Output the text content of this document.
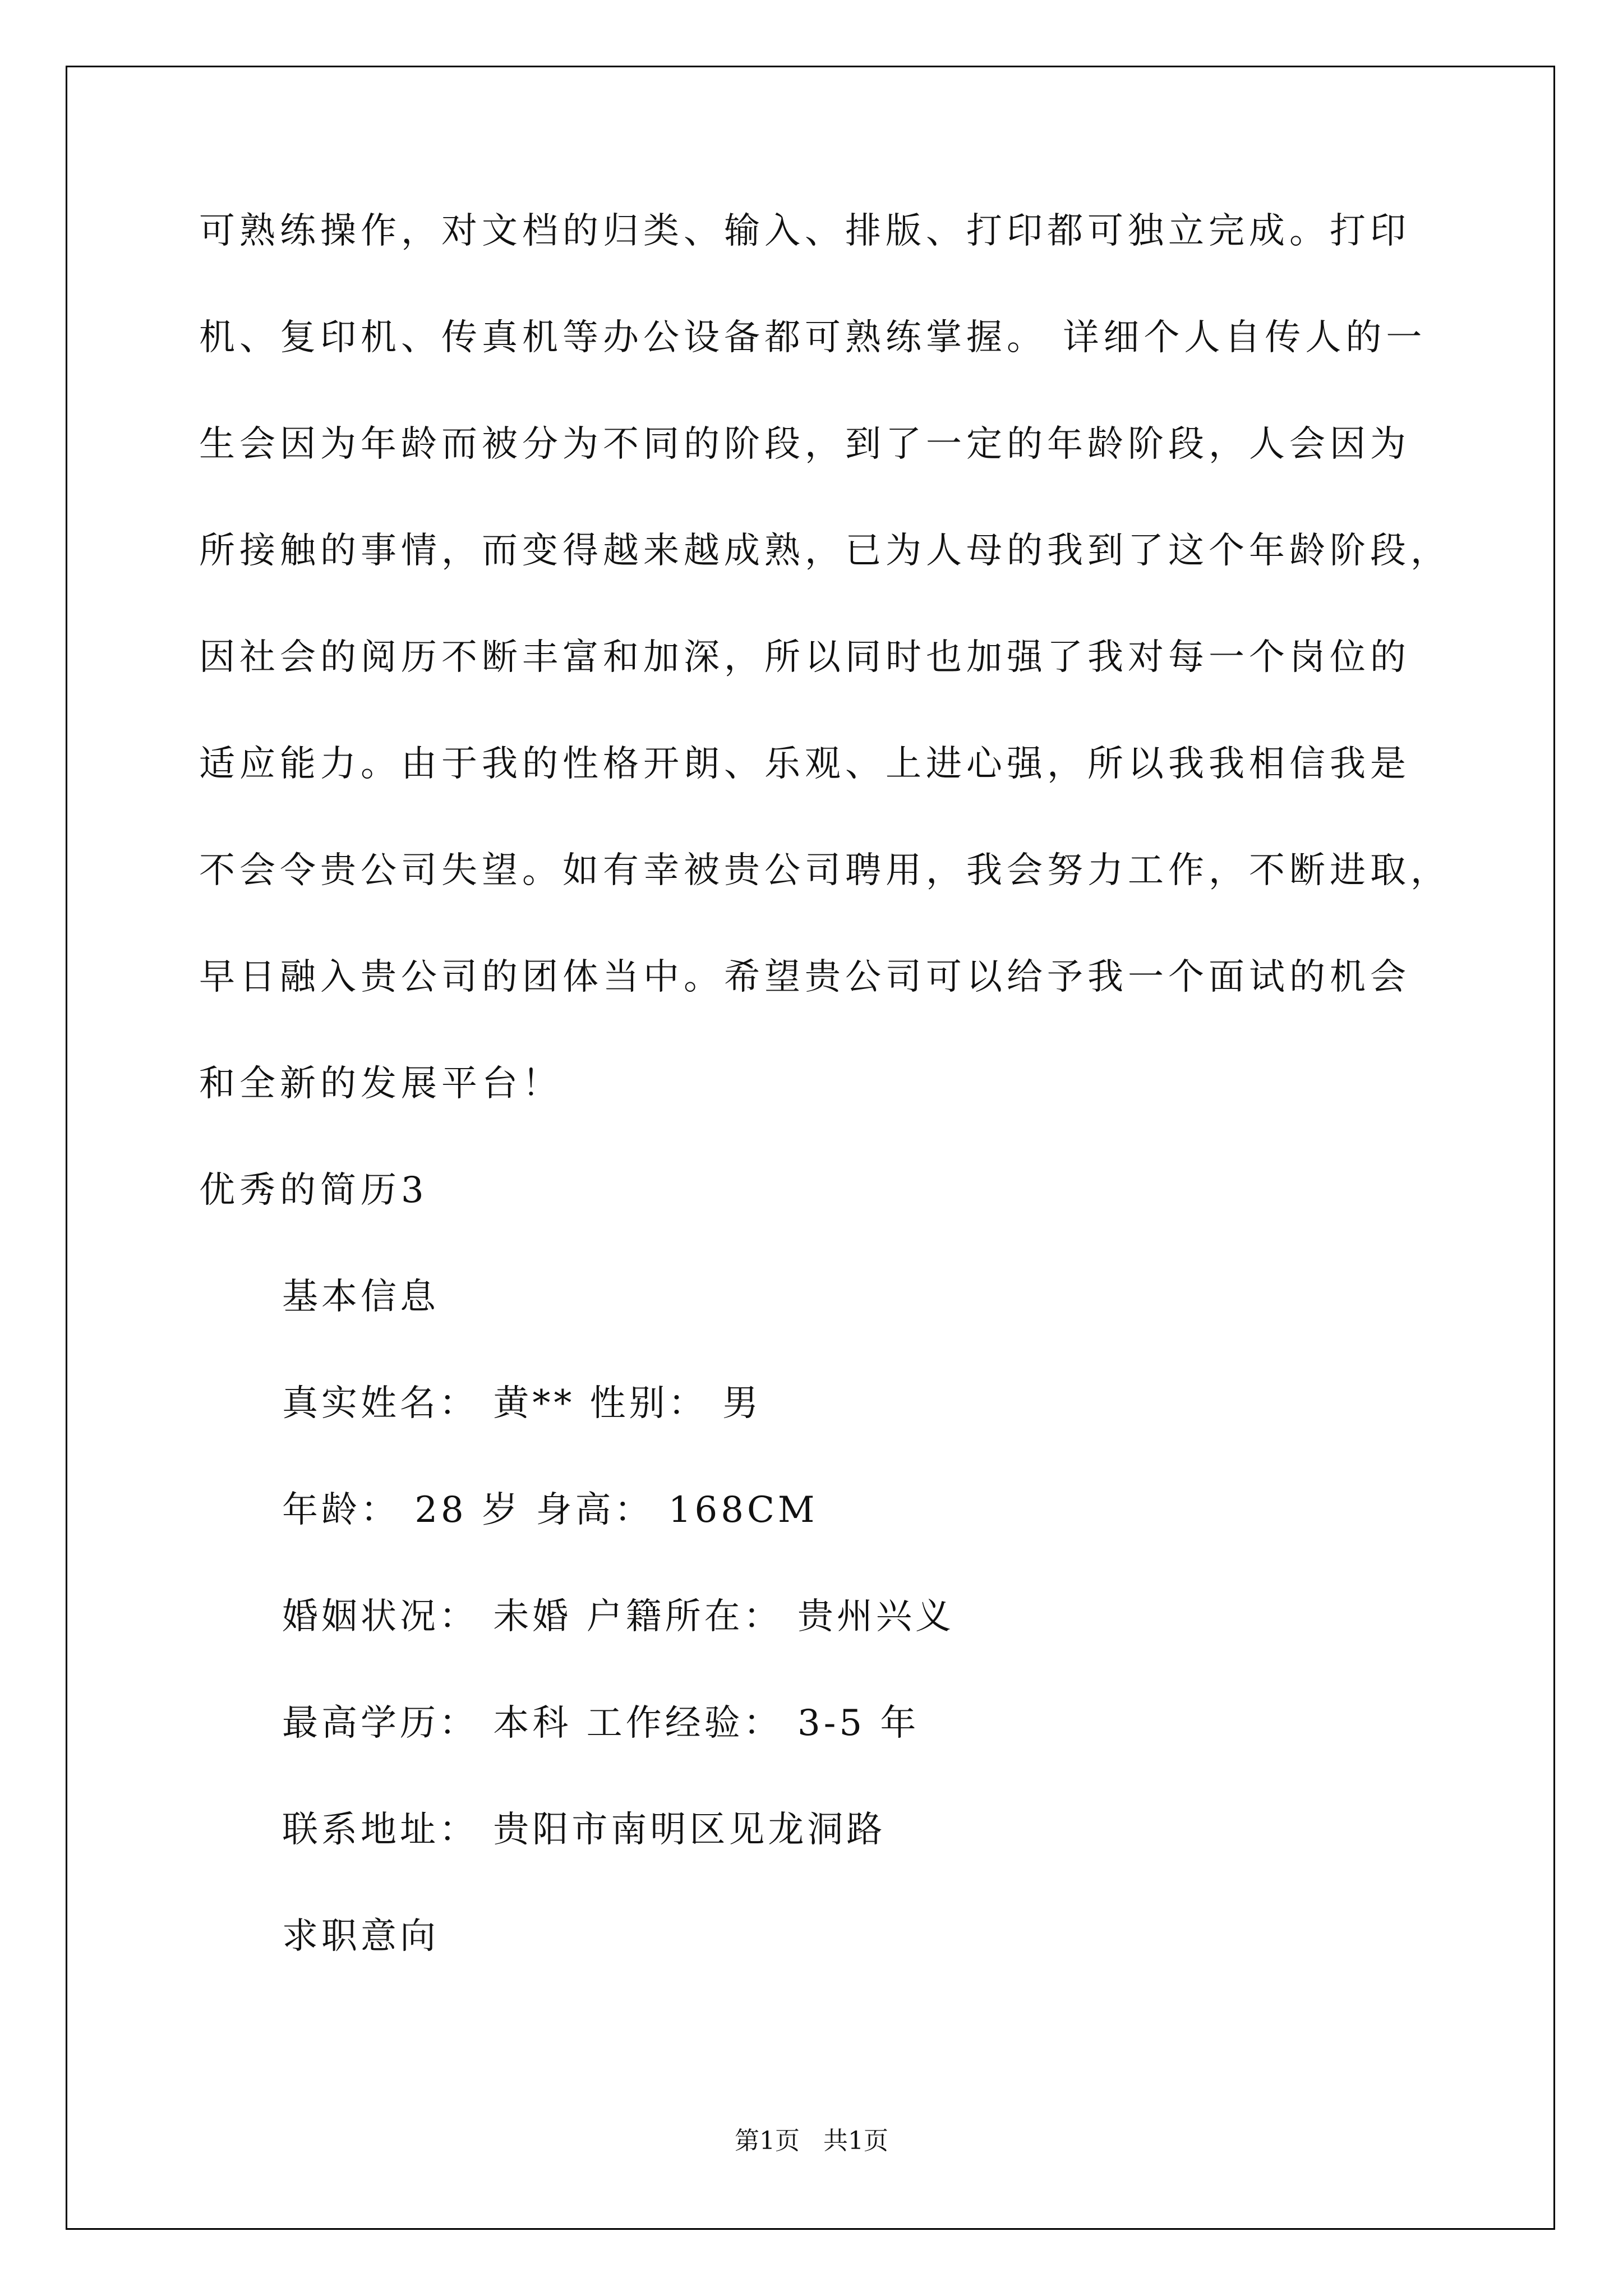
可熟练操作，对文档的归类、输入、排版、打印都可独立完成。打印
机、复印机、传真机等办公设备都可熟练掌握。 详细个人自传人的一
生会因为年龄而被分为不同的阶段，到了一定的年龄阶段，人会因为
所接触的事情，而变得越来越成熟，已为人母的我到了这个年龄阶段，
因社会的阅历不断丰富和加深，所以同时也加强了我对每一个岗位的
适应能力。由于我的性格开朗、乐观、上进心强，所以我我相信我是
不会令贵公司失望。如有幸被贵公司聘用，我会努力工作，不断进取，
早日融入贵公司的团体当中。希望贵公司可以给予我一个面试的机会
和全新的发展平台！
优秀的简历3
基本信息
真实姓名： 黄** 性别： 男
年龄： 28 岁 身高： 168CM
婚姻状况： 未婚 户籍所在： 贵州兴义
最高学历： 本科 工作经验： 3-5 年
联系地址： 贵阳市南明区见龙洞路
求职意向
第1页   共1页
